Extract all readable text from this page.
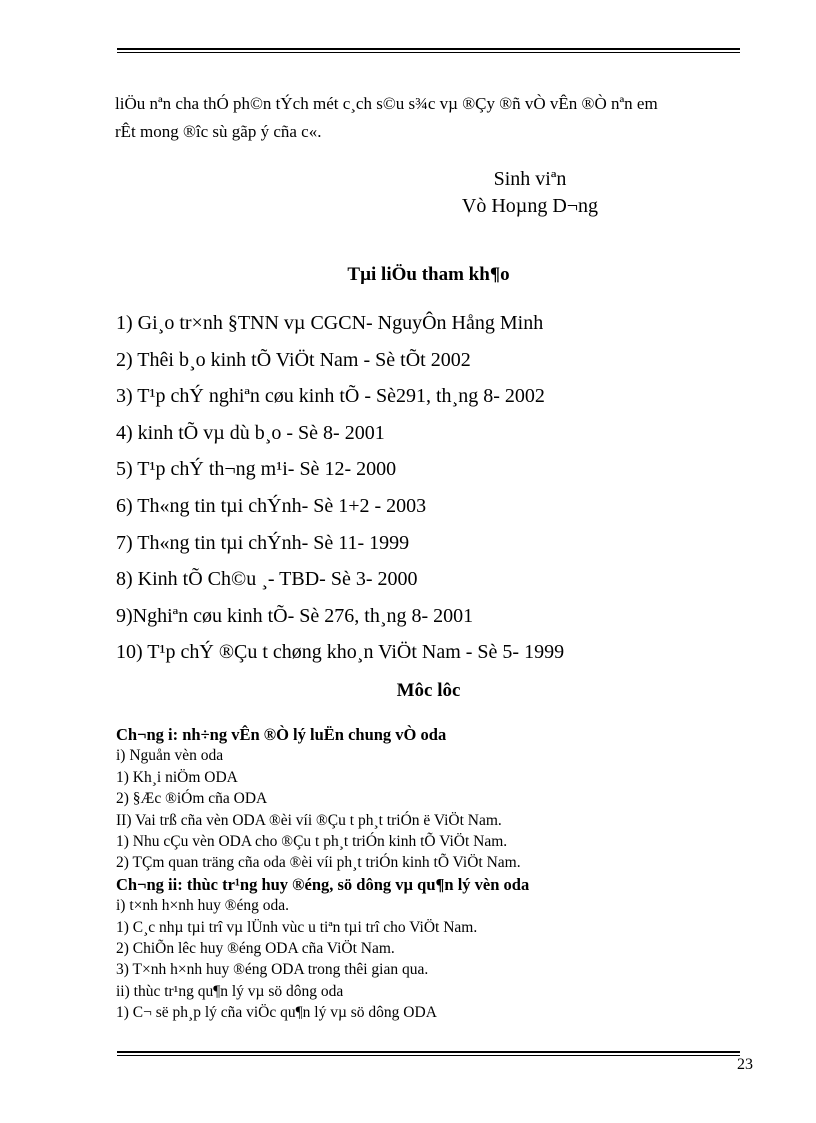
liÖu nªn cha thÓ ph©n tÝch mét c¸ch s©u s¾c vµ ®Çy ®ñ vÒ vÊn ®Ò nªn em
rÊt mong ®îc sù gãp ý cña c«.
Sinh viªn
Vò Hoµng D¬ng
Tµi liÖu tham kh¶o
1) Gi¸o tr×nh §TNN vµ CGCN- NguyÔn Hång Minh
2) Thêi b¸o kinh tÕ ViÖt Nam - Sè tÕt 2002
3) T¹p chÝ nghiªn cøu kinh tÕ - Sè291, th¸ng 8- 2002
4) kinh tÕ vµ dù b¸o - Sè 8- 2001
5) T¹p chÝ th¬ng m¹i- Sè 12- 2000
6) Th«ng tin tµi chÝnh- Sè 1+2 - 2003
7) Th«ng tin tµi chÝnh- Sè 11- 1999
8) Kinh tÕ Ch©u ¸- TBD- Sè 3- 2000
9)Nghiªn cøu kinh tÕ- Sè 276, th¸ng 8- 2001
10) T¹p chÝ ®Çu t chøng kho¸n ViÖt Nam - Sè 5- 1999
Môc lôc
Ch¬ng i: nh÷ng vÊn ®Ò lý luËn chung vÒ oda
i) Nguån vèn oda
1) Kh¸i niÖm ODA
2) §Æc ®iÓm cña ODA
II) Vai trß cña vèn ODA ®èi víi ®Çu t ph¸t triÓn ë ViÖt Nam.
1) Nhu cÇu vèn ODA cho ®Çu t ph¸t triÓn kinh tÕ ViÖt Nam.
2) TÇm quan träng cña oda ®èi víi ph¸t triÓn kinh tÕ ViÖt Nam.
Ch¬ng ii: thùc tr¹ng huy ®éng, sö dông vµ qu¶n lý vèn oda
i) t×nh h×nh huy ®éng oda.
1) C¸c nhµ tµi trî vµ lÜnh vùc u tiªn tµi trî cho ViÖt Nam.
2) ChiÕn lêc huy ®éng ODA cña ViÖt Nam.
3) T×nh h×nh huy ®éng ODA trong thêi gian qua.
ii) thùc tr¹ng qu¶n lý vµ sö dông oda
1) C¬ së ph¸p lý cña viÖc qu¶n lý vµ sö dông ODA
23
